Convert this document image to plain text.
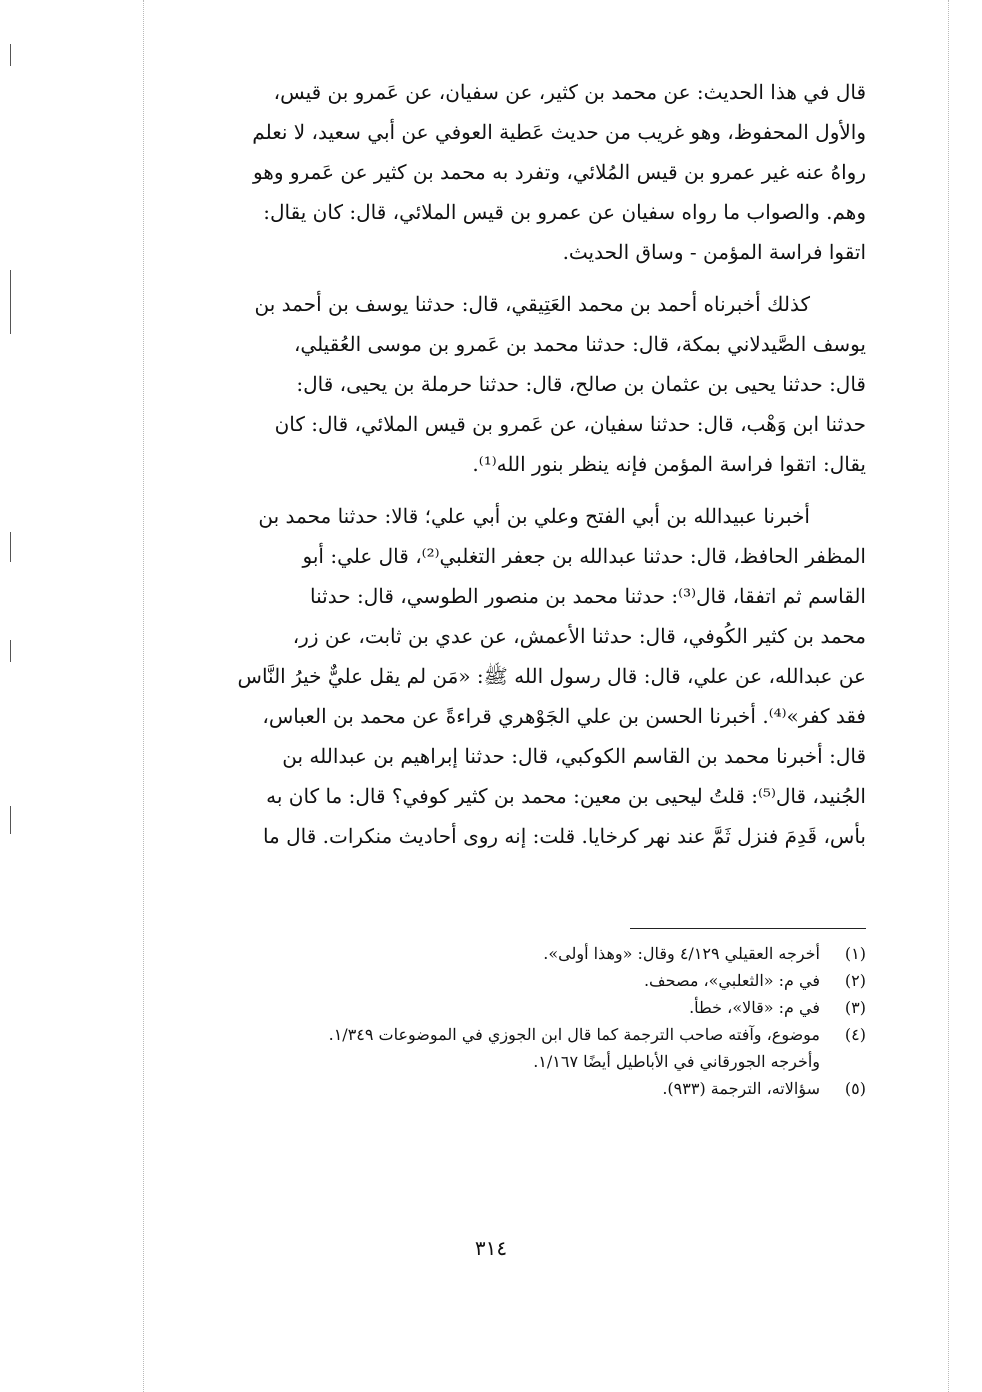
قال في هذا الحديث: عن محمد بن كثير، عن سفيان، عن عَمرو بن قيس،
والأول المحفوظ، وهو غريب من حديث عَطية العوفي عن أبي سعيد، لا نعلم
رواهُ عنه غير عمرو بن قيس المُلائي، وتفرد به محمد بن كثير عن عَمرو وهو
وهم. والصواب ما رواه سفيان عن عمرو بن قيس الملائي، قال: كان يقال:
اتقوا فراسة المؤمن - وساق الحديث.

كذلك أخبرناه أحمد بن محمد العَتِيقي، قال: حدثنا يوسف بن أحمد بن
يوسف الصَّيدلاني بمكة، قال: حدثنا محمد بن عَمرو بن موسى العُقيلي،
قال: حدثنا يحيى بن عثمان بن صالح، قال: حدثنا حرملة بن يحيى، قال:
حدثنا ابن وَهْب، قال: حدثنا سفيان، عن عَمرو بن قيس الملائي، قال: كان
يقال: اتقوا فراسة المؤمن فإنه ينظر بنور الله⁽¹⁾.

أخبرنا عبيدالله بن أبي الفتح وعلي بن أبي علي؛ قالا: حدثنا محمد بن
المظفر الحافظ، قال: حدثنا عبدالله بن جعفر التغلبي⁽²⁾، قال علي: أبو
القاسم ثم اتفقا، قال⁽³⁾: حدثنا محمد بن منصور الطوسي، قال: حدثنا
محمد بن كثير الكُوفي، قال: حدثنا الأعمش، عن عدي بن ثابت، عن زر،
عن عبدالله، عن علي، قال: قال رسول الله ﷺ: «مَن لم يقل عليٌّ خيرُ النَّاس
فقد كفر»⁽⁴⁾. أخبرنا الحسن بن علي الجَوْهري قراءةً عن محمد بن العباس،
قال: أخبرنا محمد بن القاسم الكوكبي، قال: حدثنا إبراهيم بن عبدالله بن
الجُنيد، قال⁽⁵⁾: قلتُ ليحيى بن معين: محمد بن كثير كوفي؟ قال: ما كان به
بأس، قَدِمَ فنزل ثَمَّ عند نهر كرخايا. قلت: إنه روى أحاديث منكرات. قال ما

(١)
أخرجه العقيلي ٤/١٢٩ وقال: «وهذا أولى».
(٢)
في م: «الثعلبي»، مصحف.
(٣)
في م: «قالا»، خطأ.
(٤)
موضوع، وآفته صاحب الترجمة كما قال ابن الجوزي في الموضوعات ١/٣٤٩.
وأخرجه الجورقاني في الأباطيل أيضًا ١/١٦٧.
(٥)
سؤالاته، الترجمة (٩٣٣).
٣١٤
